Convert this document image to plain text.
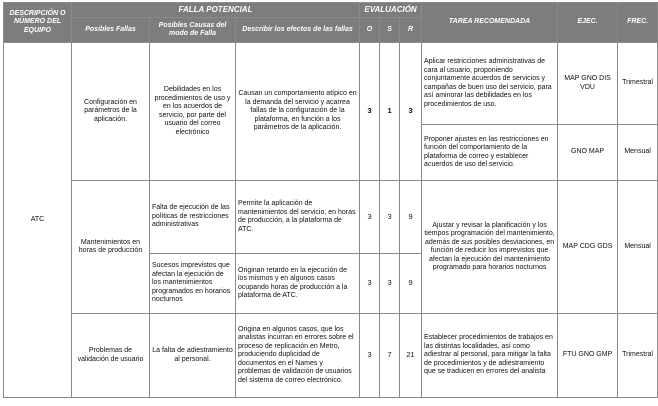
DESCRIPCIÓN O NÚMERO DEL EQUIPO	FALLA POTENCIAL			EVALUACIÓN			TAREA RECOMENDADA	EJEC.	FREC.
	Posibles Fallas	Posibles Causas del modo de Falla	Describir los efectos de las fallas	O	S	R			
ATC	Configuración en parámetros de la aplicación.	Debilidades en los procedimientos de uso y en los acuerdos de servicio, por parte del usuario del correo electrónico	Causan un comportamiento atípico en la demanda del servicio y acarrea fallas de la configuración de la plataforma, en función a los parámetros de la aplicación.	3	1	3	Aplicar restricciones administrativas de cara al usuario, proponiendo conjuntamente acuerdos de servicios y campañas de buen uso del servicio, para así aminorar las debilidades en los procedimientos de uso.	MAP GNO DIS VDU	Trimestral
							Proponer ajustes en las restricciones en función del comportamiento de la plataforma de correo y establecer acuerdos de uso del servicio.	GNO MAP	Mensual
	Mantenimientos en horas de producción	Falta de ejecución de las políticas de restricciones administrativas	Permite la aplicación de mantenimientos del servicio, en horas de producción, a la plataforma de ATC.	3	3	9	Ajustar y revisar la planificación y los tiempos programación del mantenimiento, además de sus posibles desviaciones, en función de reducir los imprevistos que afectan la ejecución del mantenimiento programado para horarios nocturnos	MAP CDG GDS	Mensual
		Sucesos imprevistos que afectan la ejecución de los mantenimientos programados en horarios nocturnos	Originan retardo en la ejecución de los mismos y en algunos casos ocupando horas de producción a la plataforma de ATC.	3	3	9			
	Problemas de validación de usuario	La falta de adiestramiento al personal.	Origina en algunos casos, que los analistas incurran en errores sobre el proceso de replicación en Metro, produciendo duplicidad de documentos en el Names y problemas de validación de usuarios del sistema de correo electrónico.	3	7	21	Establecer procedimientos de trabajos en las distintas localidades, así como adiestrar al personal, para mitigar la falta de procedimientos y de adiestramiento que se traducen en errores del analista	FTU GNO GMP	Trimestral
